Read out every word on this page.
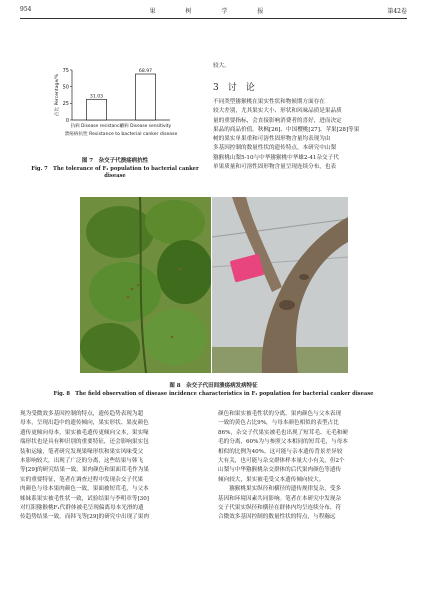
954	果 树 学 报	第42卷
0
25
50
75
占比 Percentage/%	31.03
抗病 Disease resistance
68.97
感病 Disease sensitivity
溃疡病抗性 Resistance to bacterial canker disease
图 7　杂交子代溃疡病抗性
Fig. 7　The tolerance of F₁ population to bacterial canker
disease
较大。
3　讨　论
不同类型猕猴桃在果实性状和物候期方面存在
较大差别，尤其果实大小、形状和风味品质是果品质
量的重要指标，会直接影响消费者的喜好，进而决定
果品的商品价值。秋枫[26]、中国樱桃[27]、苹果[28]等果
树的果实单果重和可溶性固形物含量均表现为由
多基因控制的数量性状的遗传特点。本研究中山梨
猕猴桃山梨5-10与中华猕猴桃中华雄2-41杂交子代
单果质量和可溶性固形物含量呈现连续分布，也表
图 8　杂交子代田间溃疡病发病特征
Fig. 8　The field observation of disease incidence characteristics in F₁ population for bacterial canker disease
现为受微效多基因控制的特点，遗传趋势表现为超
母本，呈现出趋中的遗传倾向，果实形状、果皮颜色
遗传更倾向母本，果实被毛遗传更倾向父本，果实喙
端形状也是具有种识别的重要特征，还会影响果实包
装和运输，笔者研究发现果喙形状和果实风味受父
本影响较大，出现了广泛的分离，这些结果与韩飞
等[29]的研究结果一致。果肉颜色和果面茸毛作为果
实的重要特征，笔者在调查过程中发现杂交子代果
肉颜色与母本果肉颜色一致，果面被短茸毛，与父本
姊妹系果实被毛性状一致，试验结果与李明章等[30]
对红阳猕猴桃F₁代群体被毛呈现偏离母本光滑的遗
传趋势结果一致。而韩飞等[29]的研究中出现了果肉
颜色和果实被毛性状的分离，果肉颜色与父本表现
一致的黄色占比9%，与母本颜色相似的表型占比
86%，杂交子代果实被毛也出现了短茸毛、无毛和硬
毛的分离，60%为与参照父本相同的短茸毛，与母本
相似的比例为40%。这可能与亲本遗传背景差异较
大有关，也可能与杂交群体样本量大小有关，但2个
山梨与中华猕猴桃杂交群体的后代果肉颜色等遗传
倾向较大，果实被毛受父本遗传倾向较大。
　　猕猴桃果实纵径和横径的遗传规律复杂，受多
基因和环境因素共同影响。笔者在本研究中发现杂
交子代果实纵径和横径在群体内均呈连续分布，符
合微效多基因控制的数量性状的特点，与程瀚远
